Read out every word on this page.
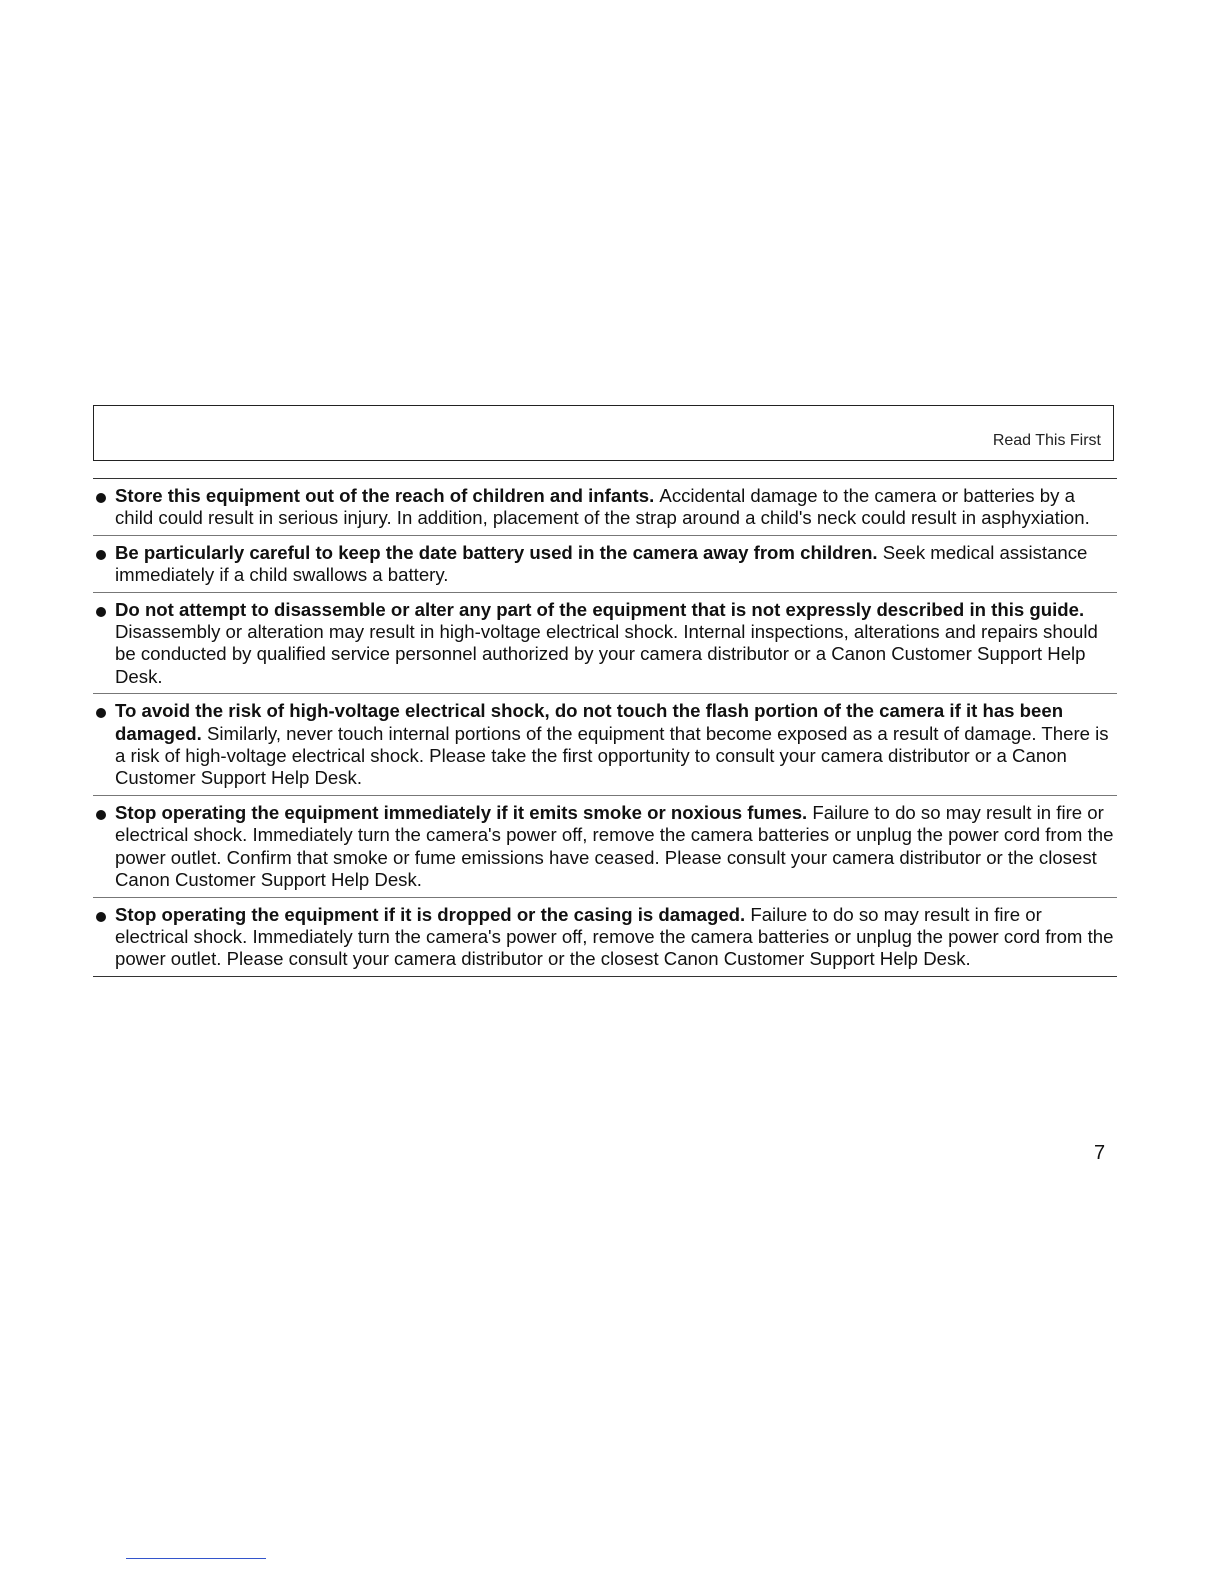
Read This First
Store this equipment out of the reach of children and infants. Accidental damage to the camera or batteries by a child could result in serious injury. In addition, placement of the strap around a child's neck could result in asphyxiation.
Be particularly careful to keep the date battery used in the camera away from children. Seek medical assistance immediately if a child swallows a battery.
Do not attempt to disassemble or alter any part of the equipment that is not expressly described in this guide. Disassembly or alteration may result in high-voltage electrical shock. Internal inspections, alterations and repairs should be conducted by qualified service personnel authorized by your camera distributor or a Canon Customer Support Help Desk.
To avoid the risk of high-voltage electrical shock, do not touch the flash portion of the camera if it has been damaged. Similarly, never touch internal portions of the equipment that become exposed as a result of damage. There is a risk of high-voltage electrical shock. Please take the first opportunity to consult your camera distributor or a Canon Customer Support Help Desk.
Stop operating the equipment immediately if it emits smoke or noxious fumes. Failure to do so may result in fire or electrical shock. Immediately turn the camera's power off, remove the camera batteries or unplug the power cord from the power outlet. Confirm that smoke or fume emissions have ceased. Please consult your camera distributor or the closest Canon Customer Support Help Desk.
Stop operating the equipment if it is dropped or the casing is damaged. Failure to do so may result in fire or electrical shock. Immediately turn the camera's power off, remove the camera batteries or unplug the power cord from the power outlet. Please consult your camera distributor or the closest Canon Customer Support Help Desk.
7
